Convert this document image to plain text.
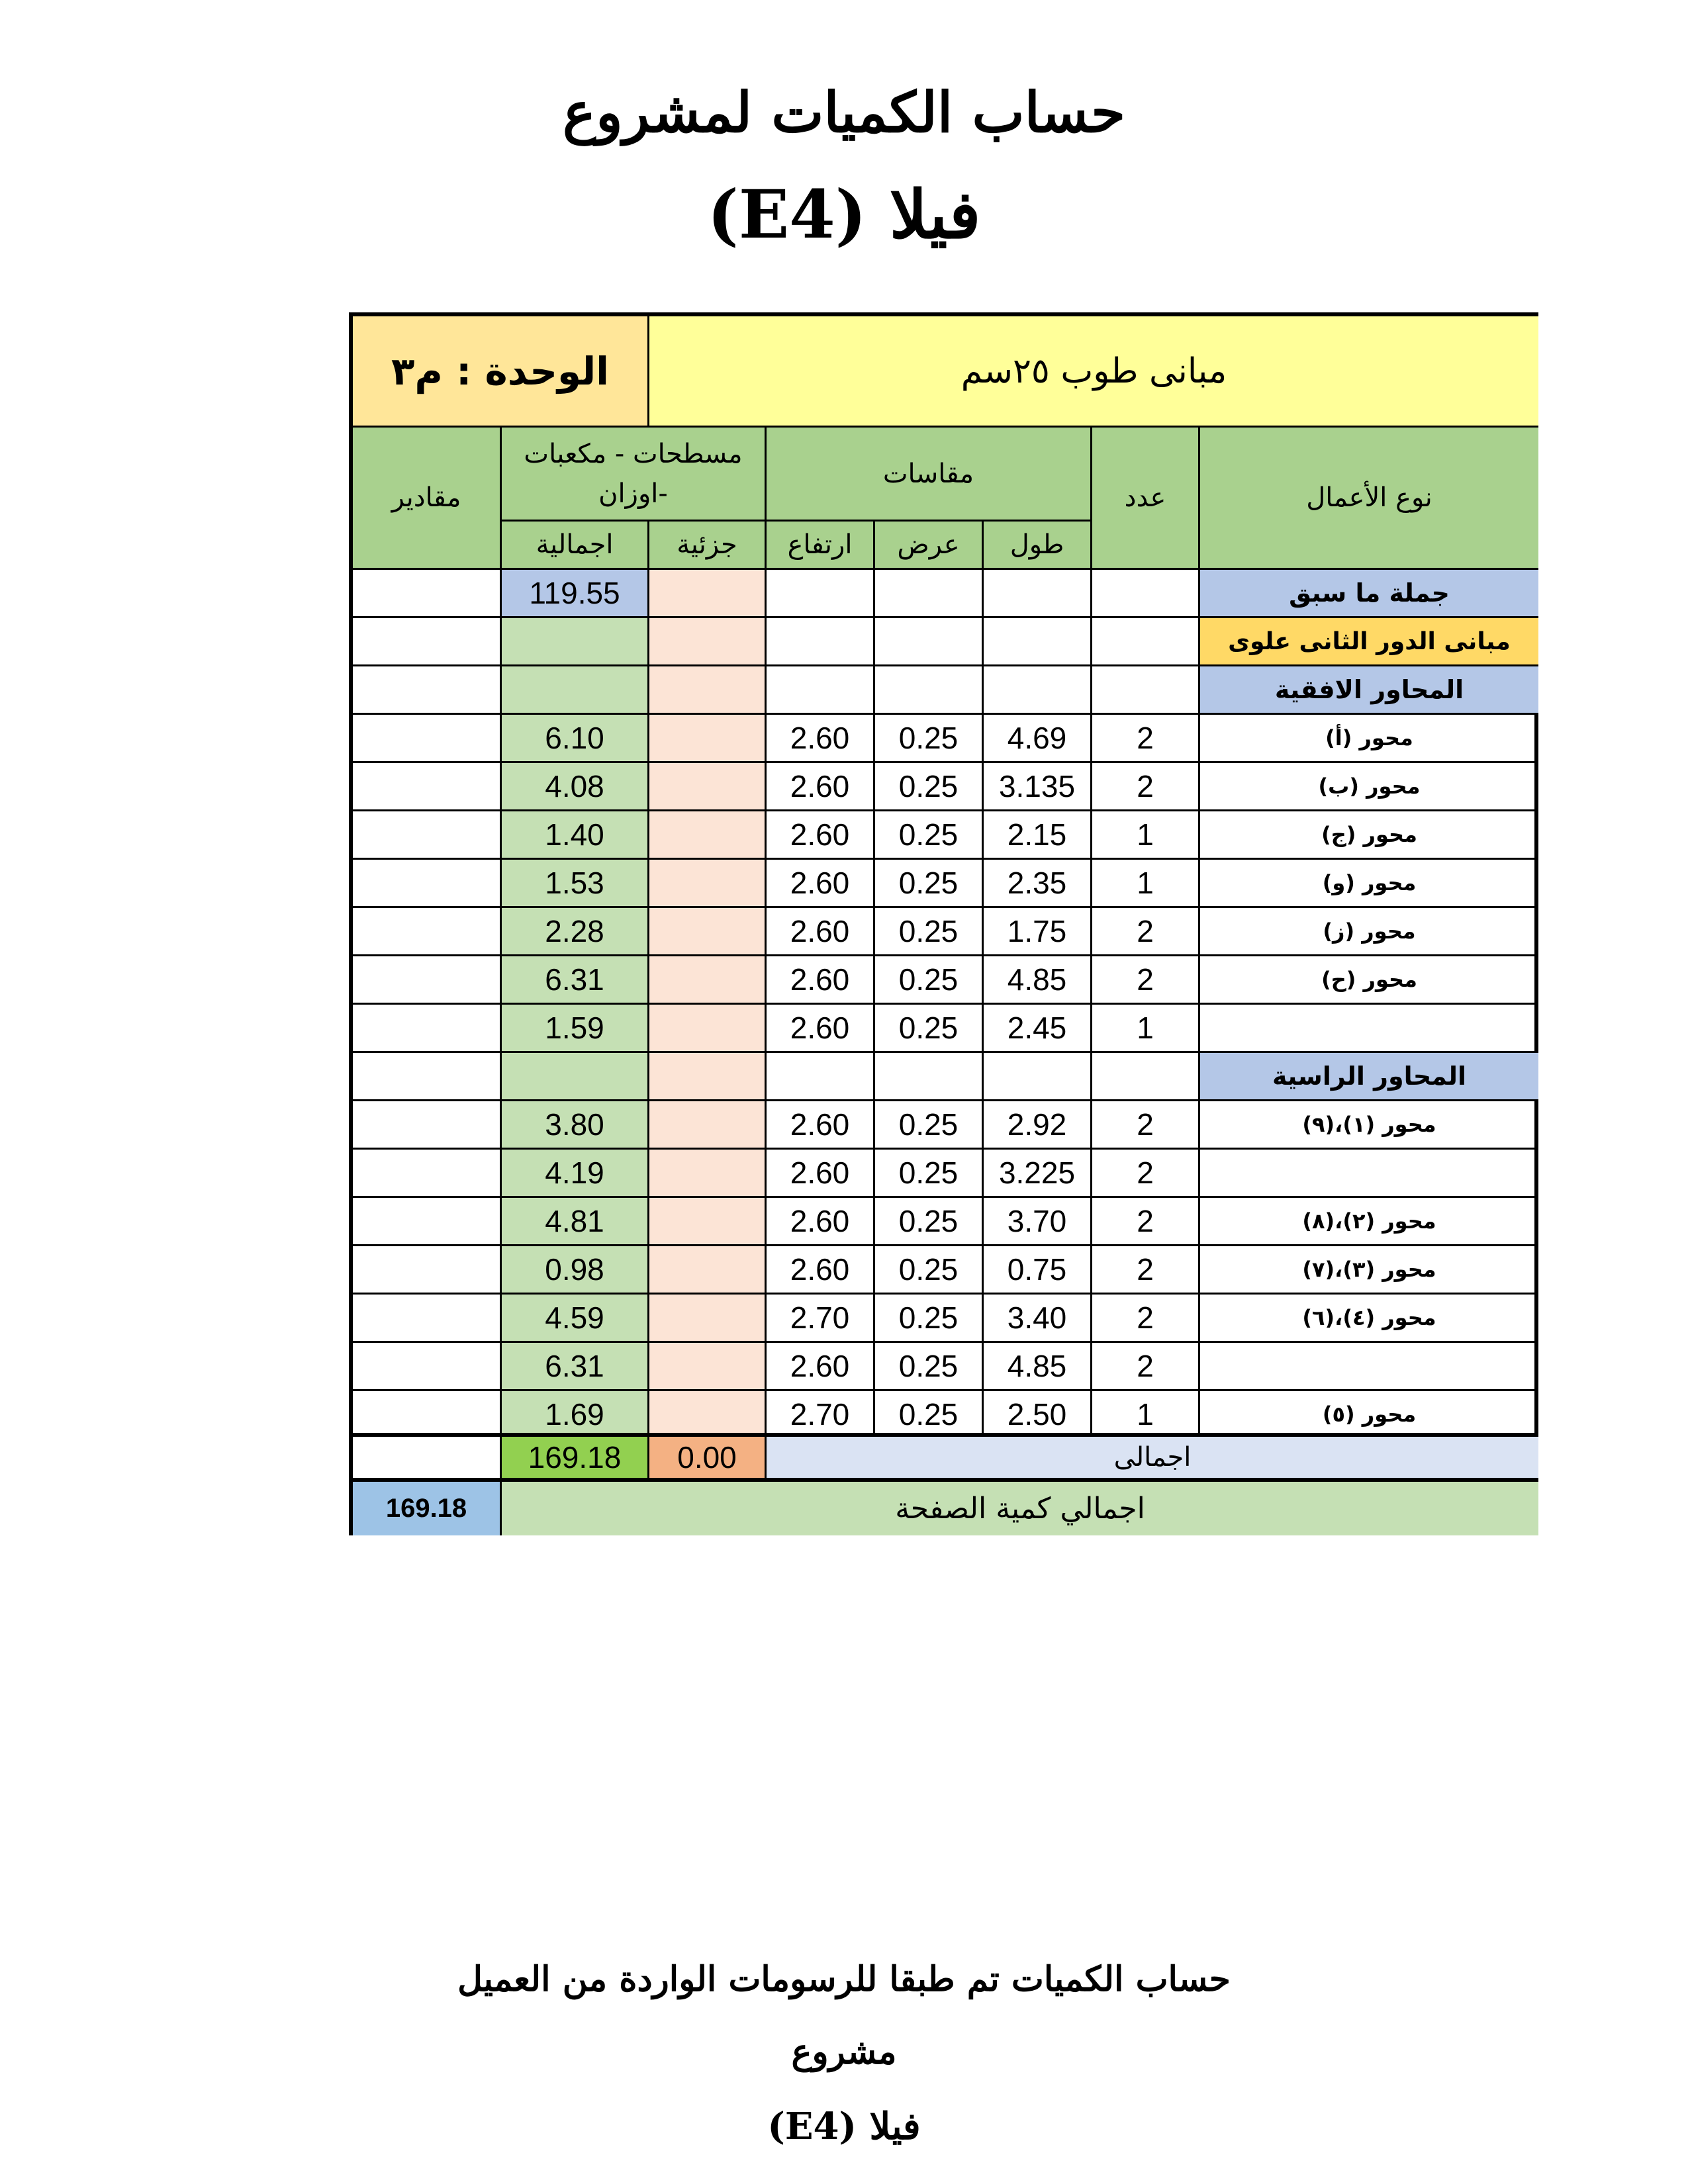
حساب الكميات لمشروع
فيلا (E4)
الوحدة : م٣	مبانى طوب ٢٥سم
مقادير
مسطحات - مكعبات -اوزان
اجمالية	جزئية
مقاسات
ارتفاع	عرض	طول
عدد	نوع الأعمال
119.55	جملة ما سبق
مبانى الدور الثانى علوى
المحاور الافقية
6.10	2.60	0.25	4.69	2	محور (أ)
4.08	2.60	0.25	3.135	2	محور (ب)
1.40	2.60	0.25	2.15	1	محور (ج)
1.53	2.60	0.25	2.35	1	محور (و)
2.28	2.60	0.25	1.75	2	محور (ز)
6.31	2.60	0.25	4.85	2	محور (ح)
1.59	2.60	0.25	2.45	1
المحاور الراسية
3.80	2.60	0.25	2.92	2	محور (١)،(٩)
4.19	2.60	0.25	3.225	2
4.81	2.60	0.25	3.70	2	محور (٢)،(٨)
0.98	2.60	0.25	0.75	2	محور (٣)،(٧)
4.59	2.70	0.25	3.40	2	محور (٤)،(٦)
6.31	2.60	0.25	4.85	2
1.69	2.70	0.25	2.50	1	محور (٥)
169.18	0.00	اجمالى
169.18	اجمالي كمية الصفحة
حساب الكميات تم طبقا للرسومات الواردة من العميل
مشروع
فيلا (E4)
